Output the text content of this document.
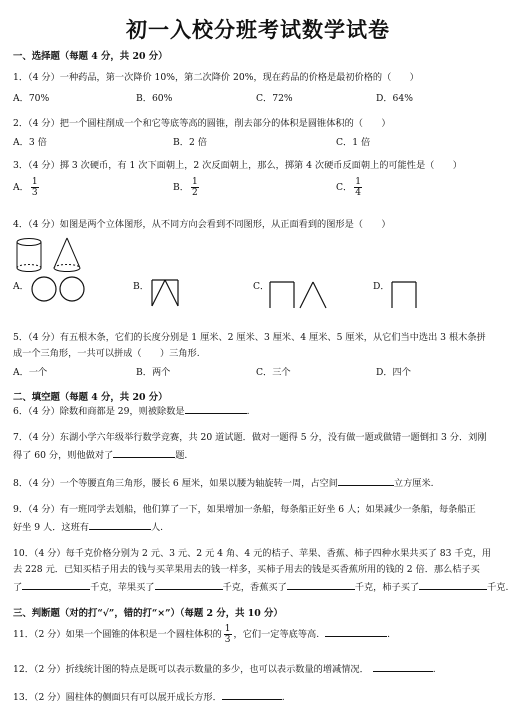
初一入校分班考试数学试卷
一、选择题（每题 4 分，共 20 分）
1．（4 分）一种药品，第一次降价 10%，第二次降价 20%，现在药品的价格是最初价格的（　　）
A．70%	B．60%	C．72%	D．64%
2．（4 分）把一个圆柱削成一个和它等底等高的圆锥，削去部分的体积是圆锥体积的（　　）
A．3 倍	B．2 倍	C．1 倍
3．（4 分）掷 3 次硬币，有 1 次下面朝上，2 次反面朝上，那么，掷第 4 次硬币反面朝上的可能性是（　　）
A． $\frac{1}{3}$	B． $\frac{1}{2}$	C． $\frac{1}{4}$
4．（4 分）如图是两个立体图形，从不同方向会看到不同图形，从正面看到的图形是（　　）
A．	B．	C．	D．
5．（4 分）有五根木条，它们的长度分别是 1 厘米、2 厘米、3 厘米、4 厘米、5 厘米，从它们当中选出 3 根木条拼
成一个三角形，一共可以拼成（　　）三角形.
A．一个	B．两个	C．三个	D．四个
二、填空题（每题 4 分，共 20 分）
6．（4 分）除数和商都是 29，则被除数是	.
7．（4 分）东湖小学六年级举行数学竞赛，共 20 道试题．做对一题得 5 分，没有做一题或做错一题倒扣 3 分．刘刚
得了 60 分，则他做对了	题.
8．（4 分）一个等腰直角三角形，腰长 6 厘米，如果以腰为轴旋转一周，占空间	立方厘米.
9．（4 分）有一班同学去划船，他们算了一下，如果增加一条船，每条船正好坐 6 人；如果减少一条船，每条船正
好坐 9 人．这班有	人.
10．（4 分）每千克价格分别为 2 元、3 元、2 元 4 角、4 元的桔子、苹果、香蕉、柿子四种水果共买了 83 千克，用
去 228 元．已知买桔子用去的钱与买苹果用去的钱一样多，买柿子用去的钱是买香蕉所用的钱的 2 倍．那么桔子买
了	千克，苹果买了	千克，香蕉买了	千克，柿子买了	千克.
三、判断题（对的打“√”，错的打“×”）（每题 2 分，共 10 分）
11．（2 分）如果一个圆锥的体积是一个圆柱体积的 $\frac{1}{3}$ ，它们一定等底等高.	.
12．（2 分）折线统计图的特点是既可以表示数量的多少，也可以表示数量的增减情况．	.
13．（2 分）圆柱体的侧面只有可以展开成长方形．	.
